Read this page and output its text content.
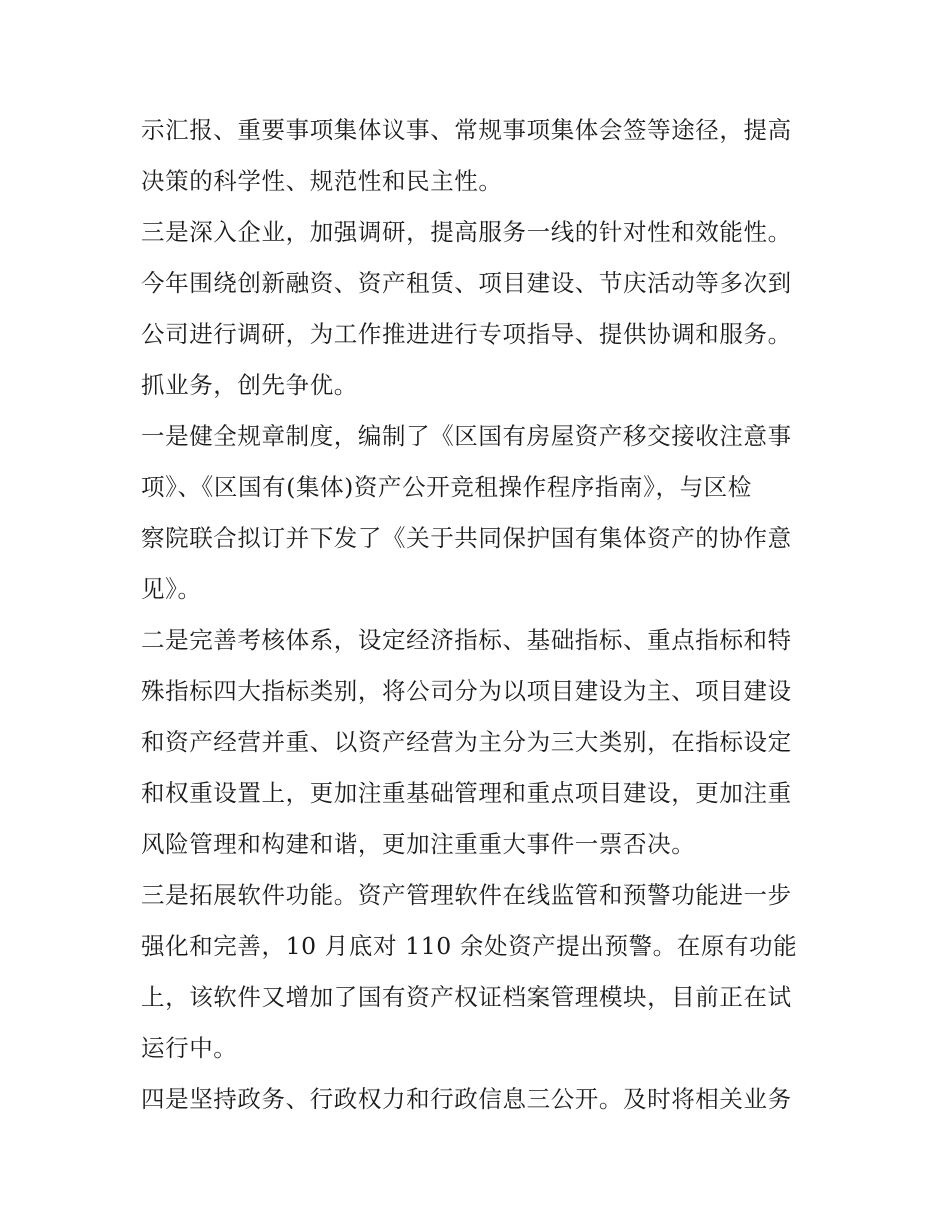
示汇报、重要事项集体议事、常规事项集体会签等途径，提高
决策的科学性、规范性和民主性。
三是深入企业，加强调研，提高服务一线的针对性和效能性。
今年围绕创新融资、资产租赁、项目建设、节庆活动等多次到
公司进行调研，为工作推进进行专项指导、提供协调和服务。
抓业务，创先争优。
一是健全规章制度，编制了《区国有房屋资产移交接收注意事
项》、《区国有(集体)资产公开竞租操作程序指南》，与区检
察院联合拟订并下发了《关于共同保护国有集体资产的协作意
见》。
二是完善考核体系，设定经济指标、基础指标、重点指标和特
殊指标四大指标类别，将公司分为以项目建设为主、项目建设
和资产经营并重、以资产经营为主分为三大类别，在指标设定
和权重设置上，更加注重基础管理和重点项目建设，更加注重
风险管理和构建和谐，更加注重重大事件一票否决。
三是拓展软件功能。资产管理软件在线监管和预警功能进一步
强化和完善，10 月底对 110 余处资产提出预警。在原有功能
上，该软件又增加了国有资产权证档案管理模块，目前正在试
运行中。
四是坚持政务、行政权力和行政信息三公开。及时将相关业务
